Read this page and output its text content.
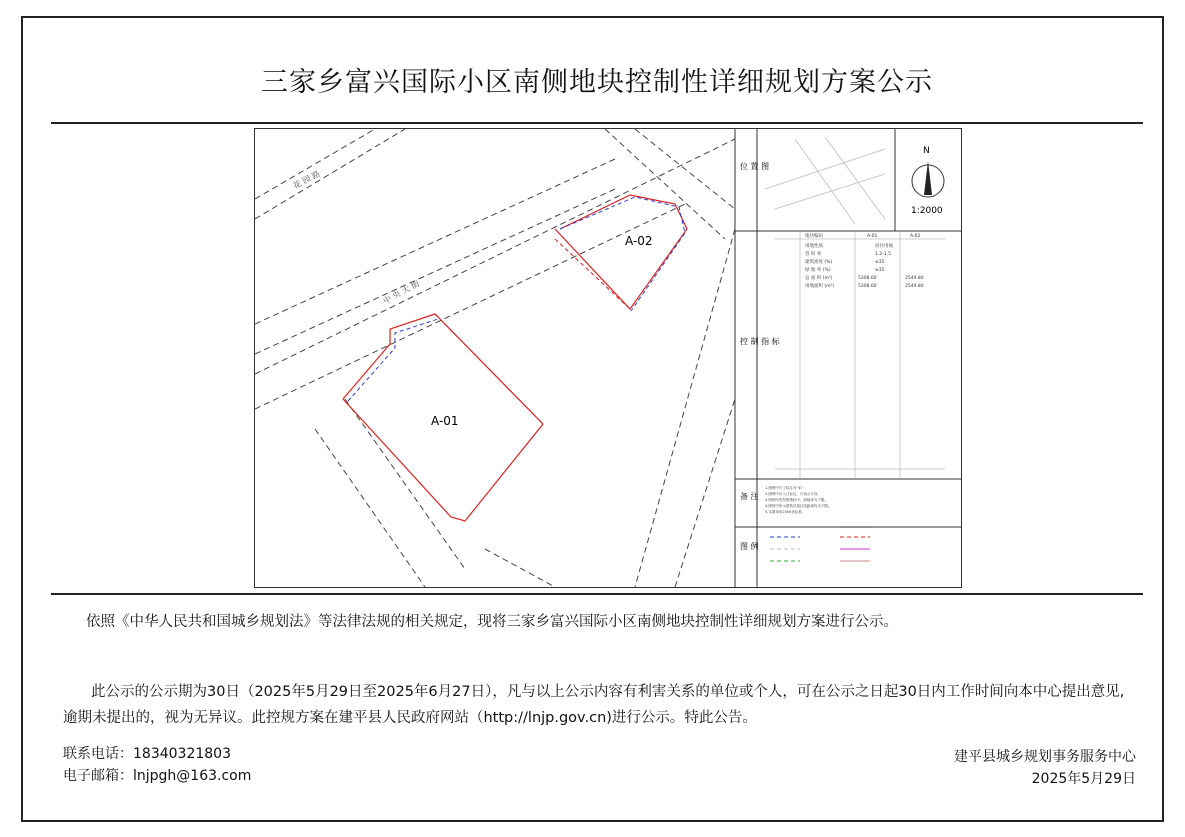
三家乡富兴国际小区南侧地块控制性详细规划方案公示
A-02
A-01
中 央 大 街
花 园 路
位 置 图
控 制 指 标
备 注
图 例
N
1:2000
地块编码	A-01	A-02
用地性质	居住用地
容 积 率	1.2-1.5
建筑密度 (%)	≤35
绿 地 率 (%)	≥35
总 面 积 (m²)	5308.60	2549.80
用地面积 (m²)	5308.60	2549.80
1.图例中尺寸标注为“米”
2.图例中出入口标注，只表示方向。
3.图则所有控制指标中，绿地率为下限。
4.图则中所示建筑后退红线距离均为下限。
5.本图采用2000坐标系。
依照《中华人民共和国城乡规划法》等法律法规的相关规定，现将三家乡富兴国际小区南侧地块控制性详细规划方案进行公示。
此公示的公示期为30日（2025年5月29日至2025年6月27日），凡与以上公示内容有利害关系的单位或个人，可在公示之日起30日内工作时间向本中心提出意见,逾期未提出的，视为无异议。此控规方案在建平县人民政府网站（http://lnjp.gov.cn)进行公示。特此公告。
联系电话：18340321803
电子邮箱：lnjpgh@163.com
建平县城乡规划事务服务中心
2025年5月29日
